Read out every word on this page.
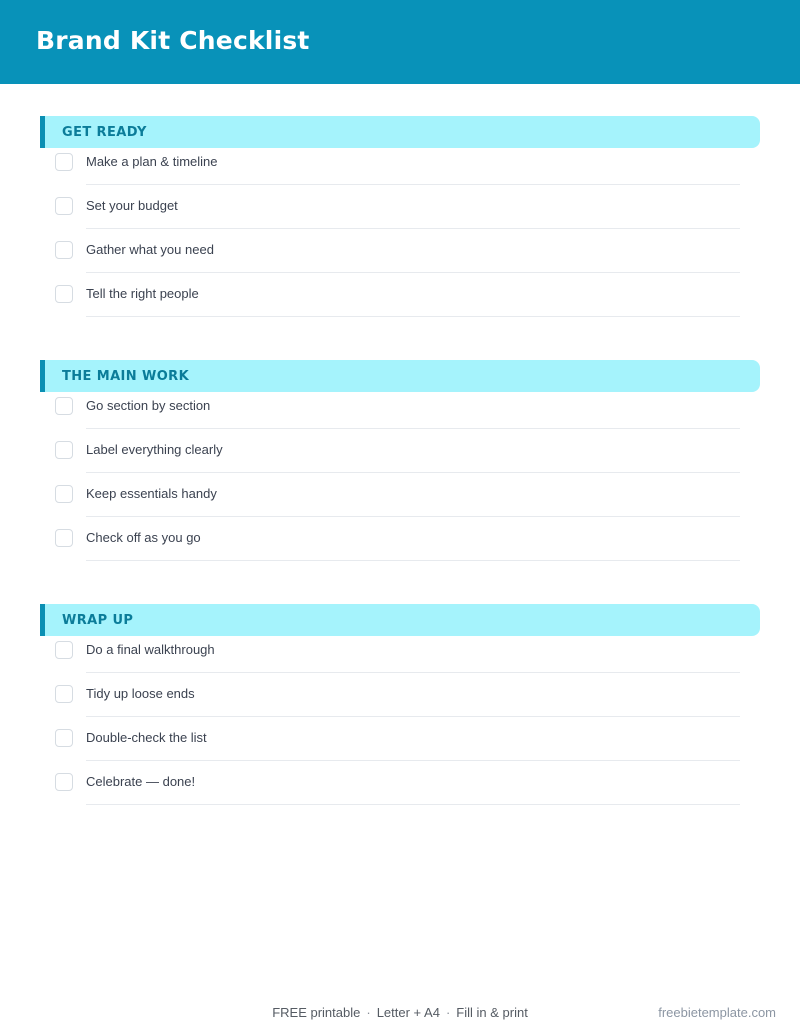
Brand Kit Checklist
GET READY
Make a plan & timeline
Set your budget
Gather what you need
Tell the right people
THE MAIN WORK
Go section by section
Label everything clearly
Keep essentials handy
Check off as you go
WRAP UP
Do a final walkthrough
Tidy up loose ends
Double-check the list
Celebrate — done!
FREE printable · Letter + A4 · Fill in & print	freebietemplate.com
